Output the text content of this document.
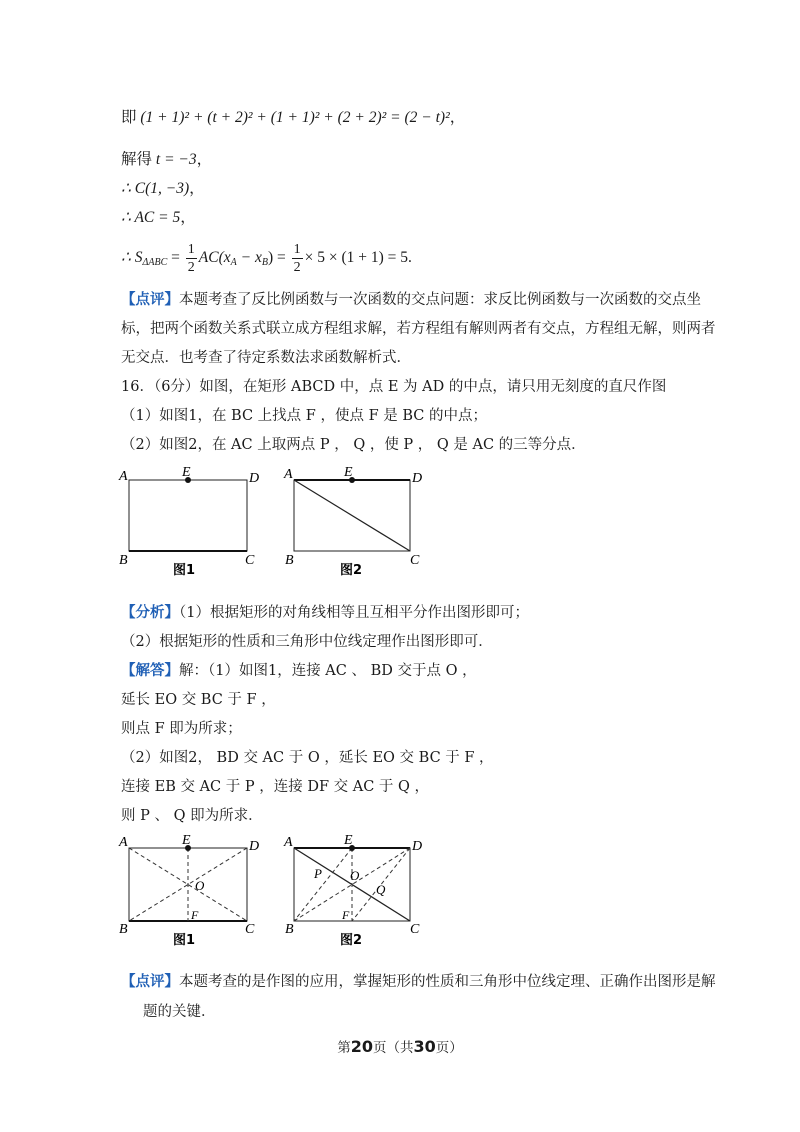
即 (1 + 1)² + (t + 2)² + (1 + 1)² + (2 + 2)² = (2 − t)²，
解得 t = −3，
∴ C(1, −3)，
∴ AC = 5，
∴ $S_{\Delta ABC} = \frac{1}{2} AC(x_A - x_B) = \frac{1}{2} \times 5 \times (1 + 1) = 5$.
【点评】本题考查了反比例函数与一次函数的交点问题：求反比例函数与一次函数的交点坐
标，把两个函数关系式联立成方程组求解，若方程组有解则两者有交点，方程组无解，则两者
无交点．也考查了待定系数法求函数解析式．
16．（6分）如图，在矩形 ABCD 中，点 E 为 AD 的中点，请只用无刻度的直尺作图
（1）如图1，在 BC 上找点 F ，使点 F 是 BC 的中点；
（2）如图2，在 AC 上取两点 P ， Q ，使 P ， Q 是 AC 的三等分点．
A	D
E
B	C
图1
A	D
E
B	C
图2
【分析】（1）根据矩形的对角线相等且互相平分作出图形即可；
（2）根据矩形的性质和三角形中位线定理作出图形即可．
【解答】解：（1）如图1，连接 AC 、 BD 交于点 O ，
延长 EO 交 BC 于 F ，
则点 F 即为所求；
（2）如图2， BD 交 AC 于 O ，延长 EO 交 BC 于 F ，
连接 EB 交 AC 于 P ，连接 DF 交 AC 于 Q ，
则 P 、 Q 即为所求．
A	D
E
O
F
B	C
图1
A	D
E
P O
Q
F
B	C
图2
【点评】本题考查的是作图的应用，掌握矩形的性质和三角形中位线定理、正确作出图形是解
题的关键．
第20页（共30页）
